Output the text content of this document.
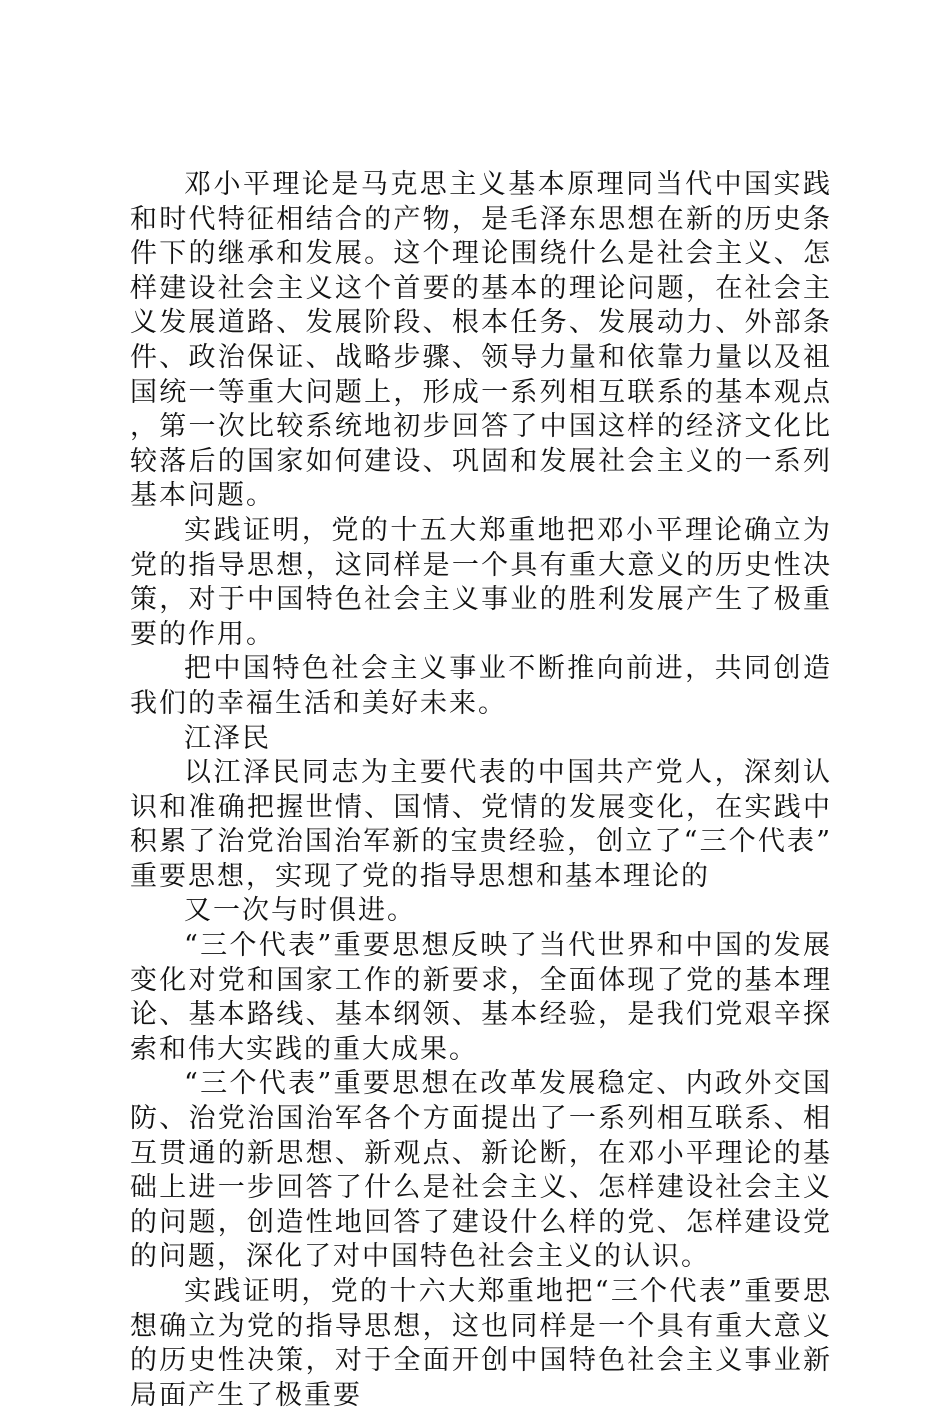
邓小平理论是马克思主义基本原理同当代中国实践和时代特征相结合的产物，是毛泽东思想在新的历史条件下的继承和发展。这个理论围绕什么是社会主义、怎样建设社会主义这个首要的基本的理论问题，在社会主义发展道路、发展阶段、根本任务、发展动力、外部条件、政治保证、战略步骤、领导力量和依靠力量以及祖国统一等重大问题上，形成一系列相互联系的基本观点，第一次比较系统地初步回答了中国这样的经济文化比较落后的国家如何建设、巩固和发展社会主义的一系列基本问题。

实践证明，党的十五大郑重地把邓小平理论确立为党的指导思想，这同样是一个具有重大意义的历史性决策，对于中国特色社会主义事业的胜利发展产生了极重要的作用。

把中国特色社会主义事业不断推向前进，共同创造我们的幸福生活和美好未来。

江泽民

以江泽民同志为主要代表的中国共产党人，深刻认识和准确把握世情、国情、党情的发展变化，在实践中积累了治党治国治军新的宝贵经验，创立了“三个代表”重要思想，实现了党的指导思想和基本理论的

又一次与时俱进。

“三个代表”重要思想反映了当代世界和中国的发展变化对党和国家工作的新要求，全面体现了党的基本理论、基本路线、基本纲领、基本经验，是我们党艰辛探索和伟大实践的重大成果。

“三个代表”重要思想在改革发展稳定、内政外交国防、治党治国治军各个方面提出了一系列相互联系、相互贯通的新思想、新观点、新论断，在邓小平理论的基础上进一步回答了什么是社会主义、怎样建设社会主义的问题，创造性地回答了建设什么样的党、怎样建设党的问题，深化了对中国特色社会主义的认识。

实践证明，党的十六大郑重地把“三个代表”重要思想确立为党的指导思想，这也同样是一个具有重大意义的历史性决策，对于全面开创中国特色社会主义事业新局面产生了极重要
